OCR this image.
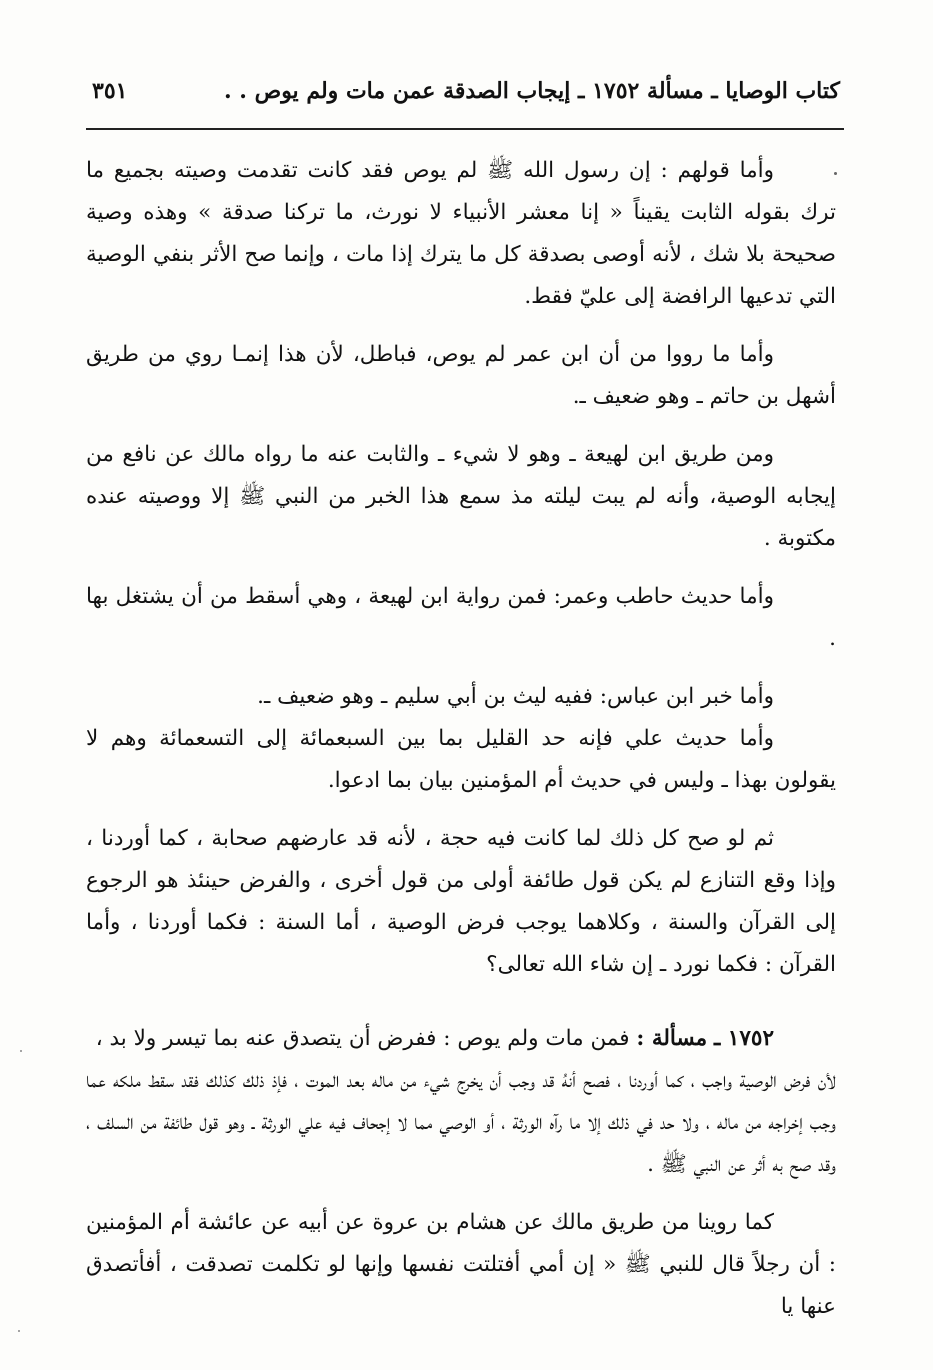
كتاب الوصايا ـ مسألة ١٧٥٢ ـ إيجاب الصدقة عمن مات ولم يوص . .
٣٥١

وأما قولهم : إن رسول الله ﷺ لم يوص فقد كانت تقدمت وصيته بجميع ما ترك بقوله الثابت يقيناً « إنا معشر الأنبياء لا نورث، ما تركنا صدقة » وهذه وصية صحيحة بلا شك ، لأنه أوصى بصدقة كل ما يترك إذا مات ، وإنما صح الأثر بنفي الوصية التي تدعيها الرافضة إلى عليّ فقط.

وأما ما رووا من أن ابن عمر لم يوص، فباطل، لأن هذا إنمـا روي من طريق أشهل بن حاتم ـ وهو ضعيف ـ.

ومن طريق ابن لهيعة ـ وهو لا شيء ـ والثابت عنه ما رواه مالك عن نافع من إيجابه الوصية، وأنه لم يبت ليلته مذ سمع هذا الخبر من النبي ﷺ إلا ووصيته عنده مكتوبة .

وأما حديث حاطب وعمر: فمن رواية ابن لهيعة ، وهي أسقط من أن يشتغل بها .

وأما خبر ابن عباس: ففيه ليث بن أبي سليم ـ وهو ضعيف ـ.

وأما حديث علي فإنه حد القليل بما بين السبعمائة إلى التسعمائة وهم لا يقولون بهذا ـ وليس في حديث أم المؤمنين بيان بما ادعوا.

ثم لو صح كل ذلك لما كانت فيه حجة ، لأنه قد عارضهم صحابة ، كما أوردنا ، وإذا وقع التنازع لم يكن قول طائفة أولى من قول أخرى ، والفرض حينئذ هو الرجوع إلى القرآن والسنة ، وكلاهما يوجب فرض الوصية ، أما السنة : فكما أوردنا ، وأما القرآن : فكما نورد ـ إن شاء الله تعالى؟

١٧٥٢ ـ مسألة : فمن مات ولم يوص : ففرض أن يتصدق عنه بما تيسر ولا بد ،

لأن فرض الوصية واجب ، كما أوردنا ، فصح أنهُ قد وجب أن يخرج شيء من ماله بعد الموت ، فإذ ذلك كذلك فقد سقط ملكه عما وجب إخراجه من ماله ، ولا حد في ذلك إلا ما رآه الورثة ، أو الوصي مما لا إجحاف فيه علي الورثة ـ وهو قول طائفة من السلف ، وقد صح به أثر عن النبي ﷺ .

كما روينا من طريق مالك عن هشام بن عروة عن أبيه عن عائشة أم المؤمنين : أن رجلاً قال للنبي ﷺ « إن أمي أفتلتت نفسها وإنها لو تكلمت تصدقت ، أفأتصدق عنها يا
